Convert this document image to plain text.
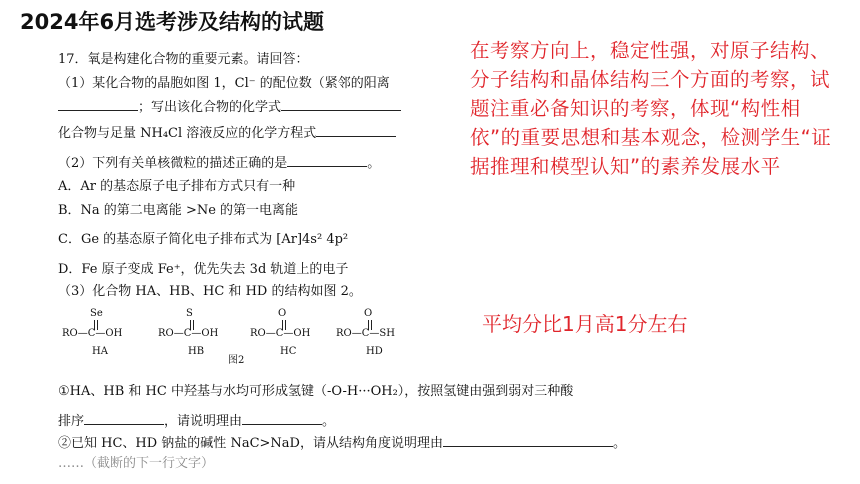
2024年6月选考涉及结构的试题
17．氧是构建化合物的重要元素。请回答：
（1）某化合物的晶胞如图 1，Cl⁻ 的配位数（紧邻的阳离
；写出该化合物的化学式
化合物与足量 NH₄Cl 溶液反应的化学方程式
（2）下列有关单核微粒的描述正确的是	。
A．Ar 的基态原子电子排布方式只有一种
B．Na 的第二电离能 >Ne 的第一电离能
C．Ge 的基态原子简化电子排布式为 [Ar]4s² 4p²
D．Fe 原子变成 Fe⁺，优先失去 3d 轨道上的电子
（3）化合物 HA、HB、HC 和 HD 的结构如图 2。
Se
RO—C—OH
HA
S
RO—C—OH
HB
O
RO—C—OH
HC
O
RO—C—SH
HD
图2
①HA、HB 和 HC 中羟基与水均可形成氢键（-O-H···OH₂），按照氢键由强到弱对三种酸
排序	，请说明理由	。
②已知 HC、HD 钠盐的碱性 NaC>NaD，请从结构角度说明理由	。
……（截断的下一行文字）
在考察方向上，稳定性强，对原子结构、分子结构和晶体结构三个方面的考察，试题注重必备知识的考察，体现“构性相依”的重要思想和基本观念，检测学生“证据推理和模型认知”的素养发展水平
平均分比1月高1分左右
